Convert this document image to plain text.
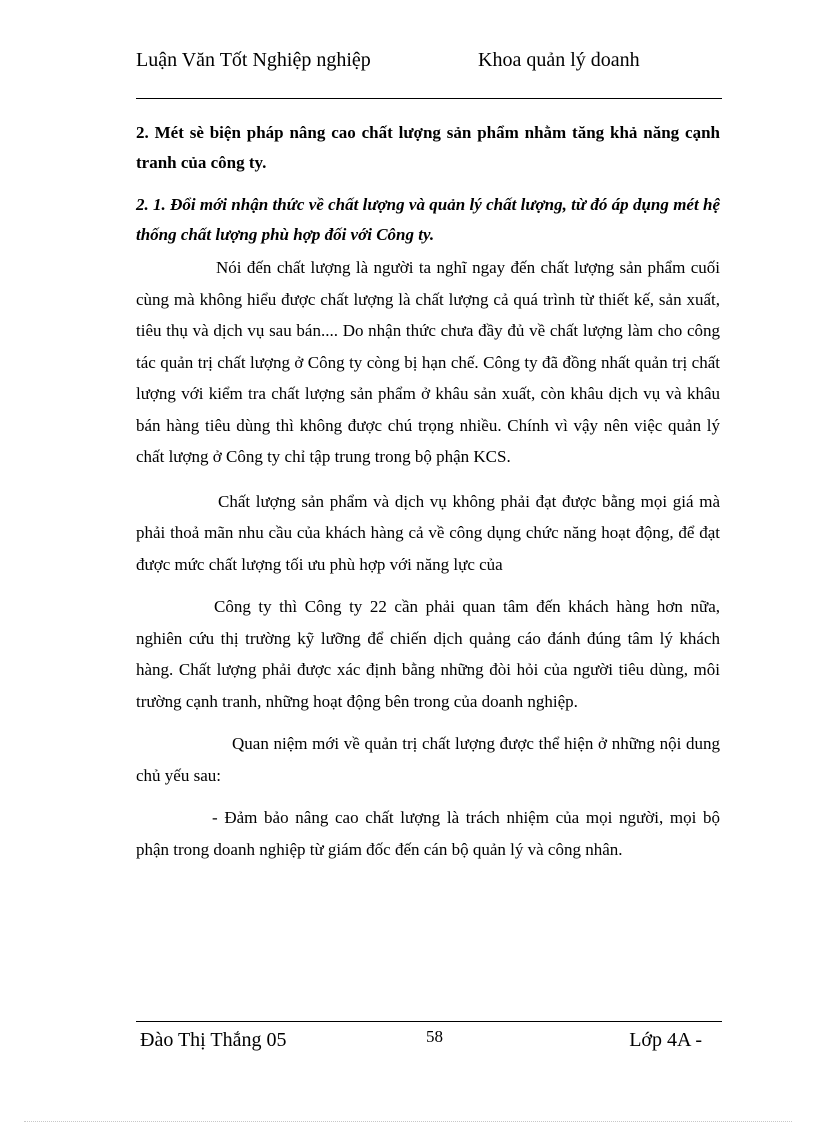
Luận Văn Tốt Nghiệp nghiệp	Khoa quản lý doanh

2. Mét sè biện pháp nâng cao chất lượng sản phẩm nhằm tăng khả năng cạnh tranh của công ty.

2. 1. Đổi mới nhận thức về chất lượng và quản lý chất lượng, từ đó áp dụng mét hệ thống chất lượng phù hợp đối với Công ty.

Nói đến chất lượng là người ta nghĩ ngay đến chất lượng sản phẩm cuối cùng mà không hiểu được chất lượng là chất lượng cả quá trình từ thiết kế, sản xuất, tiêu thụ và dịch vụ sau bán.... Do nhận thức chưa đầy đủ về chất lượng làm cho công tác quản trị chất lượng ở Công ty còng bị hạn chế. Công ty đã đồng nhất quản trị chất lượng với kiểm tra chất lượng sản phẩm ở khâu sản xuất, còn khâu dịch vụ và khâu bán hàng tiêu dùng thì không được chú trọng nhiều. Chính vì vậy nên việc quản lý chất lượng ở Công ty chỉ tập trung trong bộ phận KCS.

Chất lượng sản phẩm và dịch vụ không phải đạt được bằng mọi giá mà phải thoả mãn nhu cầu của khách hàng cả về công dụng chức năng hoạt động, để đạt được mức chất lượng tối ưu phù hợp với năng lực của

Công ty thì Công ty 22 cần phải quan tâm đến khách hàng hơn nữa, nghiên cứu thị trường kỹ lưỡng để chiến dịch quảng cáo đánh đúng tâm lý khách hàng. Chất lượng phải được xác định bằng những đòi hỏi của người tiêu dùng, môi trường cạnh tranh, những hoạt động bên trong của doanh nghiệp.

Quan niệm mới về quản trị chất lượng được thể hiện ở những nội dung chủ yếu sau:

- Đảm bảo nâng cao chất lượng là trách nhiệm của mọi người, mọi bộ phận trong doanh nghiệp từ giám đốc đến cán bộ quản lý và công nhân.

Đào Thị Thắng 05	58	Lớp 4A -
